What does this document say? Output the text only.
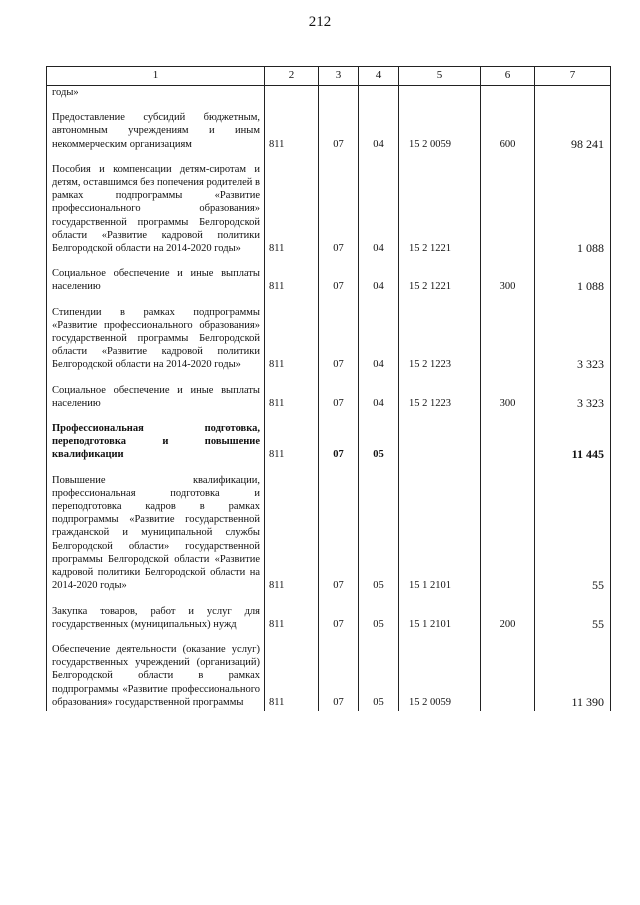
212
1	2	3	4	5	6	7
годы»						

Предоставление субсидий бюджетным, автономным учреждениям и иным некоммерческим организациям	811	07	04	15 2 0059	600	98 241

Пособия и компенсации детям-сиротам и детям, оставшимся без попечения родителей в рамках подпрограммы «Развитие профессионального образования» государственной программы Белгородской области «Развитие кадровой политики Белгородской области на 2014-2020 годы»	811	07	04	15 2 1221		1 088

Социальное обеспечение и иные выплаты населению	811	07	04	15 2 1221	300	1 088

Стипендии в рамках подпрограммы «Развитие профессионального образования» государственной программы Белгородской области «Развитие кадровой политики Белгородской области на 2014-2020 годы»	811	07	04	15 2 1223		3 323

Социальное обеспечение и иные выплаты населению	811	07	04	15 2 1223	300	3 323

Профессиональная подготовка, переподготовка и повышение квалификации	811	07	05			11 445

Повышение квалификации, профессиональная подготовка и переподготовка кадров в рамках подпрограммы «Развитие государственной гражданской и муниципальной службы Белгородской области» государственной программы Белгородской области «Развитие кадровой политики Белгородской области на 2014-2020 годы»	811	07	05	15 1 2101		55

Закупка товаров, работ и услуг для государственных (муниципальных) нужд	811	07	05	15 1 2101	200	55

Обеспечение деятельности (оказание услуг) государственных учреждений (организаций) Белгородской области в рамках подпрограммы «Развитие профессионального образования» государственной программы	811	07	05	15 2 0059		11 390
